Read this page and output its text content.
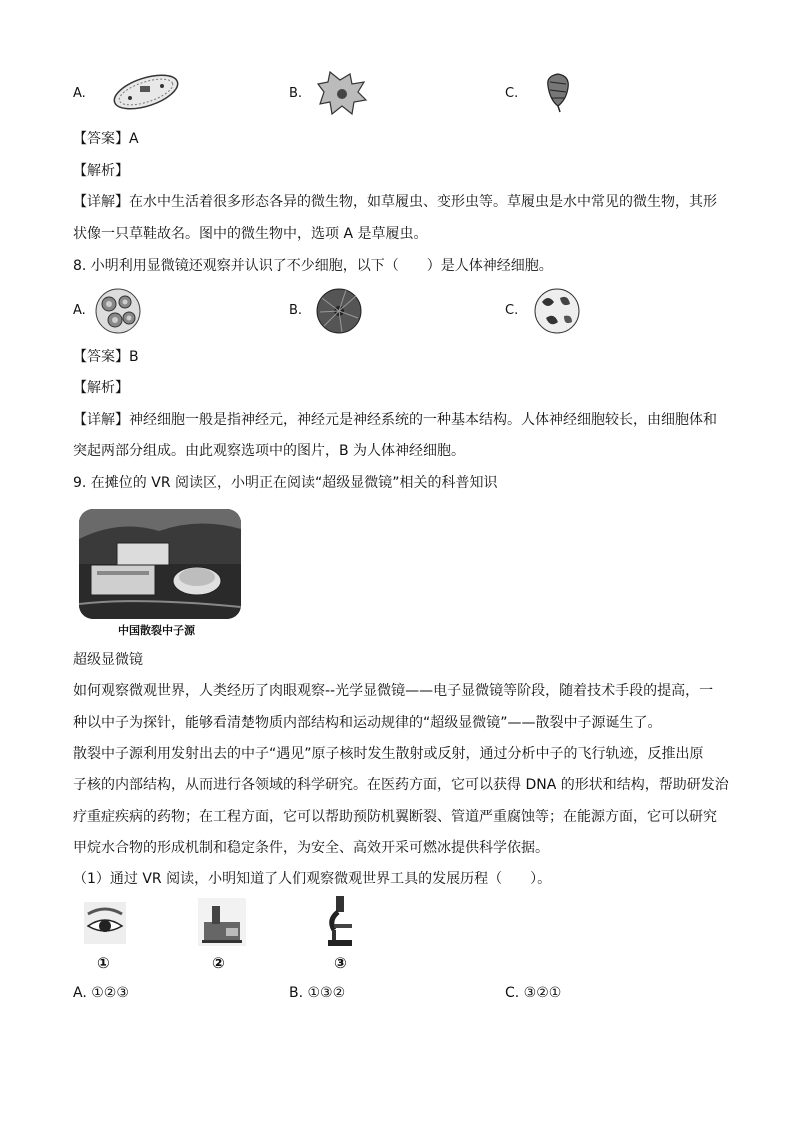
A.	B.	C.
【答案】A
【解析】
【详解】在水中生活着很多形态各异的微生物，如草履虫、变形虫等。草履虫是水中常见的微生物，其形
状像一只草鞋故名。图中的微生物中，选项 A 是草履虫。
8. 小明利用显微镜还观察并认识了不少细胞，以下（　　）是人体神经细胞。
A.	B.	C.
【答案】B
【解析】
【详解】神经细胞一般是指神经元，神经元是神经系统的一种基本结构。人体神经细胞较长，由细胞体和
突起两部分组成。由此观察选项中的图片，B 为人体神经细胞。
9. 在摊位的 VR 阅读区，小明正在阅读“超级显微镜”相关的科普知识
中国散裂中子源
超级显微镜
如何观察微观世界，人类经历了肉眼观察--光学显微镜——电子显微镜等阶段，随着技术手段的提高，一
种以中子为探针，能够看清楚物质内部结构和运动规律的“超级显微镜”——散裂中子源诞生了。
散裂中子源利用发射出去的中子“遇见”原子核时发生散射或反射，通过分析中子的飞行轨迹，反推出原
子核的内部结构，从而进行各领域的科学研究。在医药方面，它可以获得 DNA 的形状和结构，帮助研发治
疗重症疾病的药物；在工程方面，它可以帮助预防机翼断裂、管道严重腐蚀等；在能源方面，它可以研究
甲烷水合物的形成机制和稳定条件，为安全、高效开采可燃冰提供科学依据。
（1）通过 VR 阅读，小明知道了人们观察微观世界工具的发展历程（　　）。
①	②	③
A. ①②③	B. ①③②	C. ③②①
